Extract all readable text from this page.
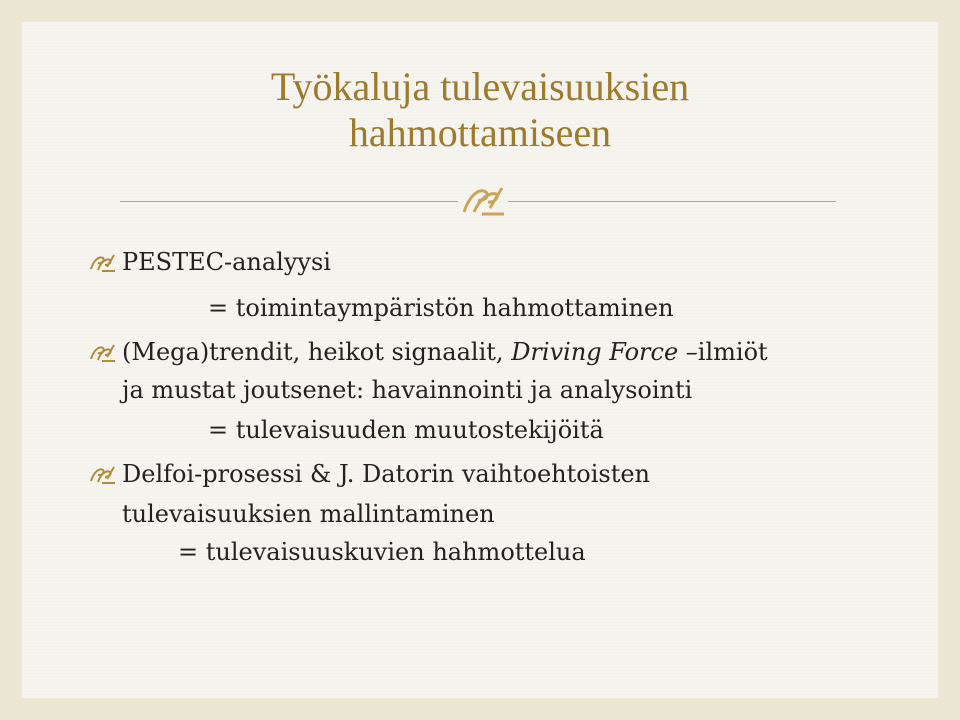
Työkaluja tulevaisuuksien
hahmottamiseen
PESTEC-analyysi
= toimintaympäristön hahmottaminen
(Mega)trendit, heikot signaalit, Driving Force –ilmiöt
ja mustat joutsenet: havainnointi ja analysointi
= tulevaisuuden muutostekijöitä
Delfoi-prosessi & J. Datorin vaihtoehtoisten
tulevaisuuksien mallintaminen
= tulevaisuuskuvien hahmottelua
